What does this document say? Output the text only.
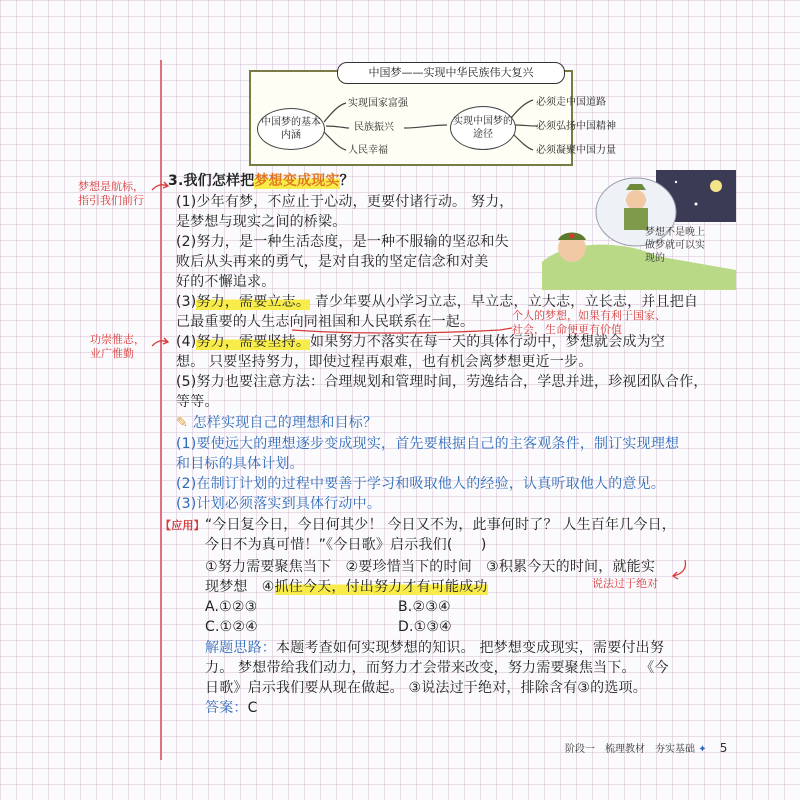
中国梦——实现中华民族伟大复兴
中国梦的基本内涵
实现国家富强
民族振兴
人民幸福
实现中国梦的途径
必须走中国道路
必须弘扬中国精神
必须凝聚中国力量
3.我们怎样把梦想变成现实？
梦想是航标，
指引我们前行
功崇惟志，
业广惟勤
个人的梦想，如果有利于国家、
社会，生命便更有价值
说法过于绝对
梦想不是晚上
做梦就可以实
现的
(1)少年有梦，不应止于心动，更要付诸行动。 努力，
是梦想与现实之间的桥梁。
(2)努力，是一种生活态度，是一种不服输的坚忍和失
败后从头再来的勇气，是对自我的坚定信念和对美
好的不懈追求。
(3)努力，需要立志。 青少年要从小学习立志，早立志，立大志，立长志，并且把自
己最重要的人生志向同祖国和人民联系在一起。
(4)努力，需要坚持。如果努力不落实在每一天的具体行动中，梦想就会成为空
想。 只要坚持努力，即使过程再艰难，也有机会离梦想更近一步。
(5)努力也要注意方法：合理规划和管理时间，劳逸结合，学思并进，珍视团队合作，
等等。
✎ 怎样实现自己的理想和目标？
(1)要使远大的理想逐步变成现实，首先要根据自己的主客观条件，制订实现理想
和目标的具体计划。
(2)在制订计划的过程中要善于学习和吸取他人的经验，认真听取他人的意见。
(3)计划必须落实到具体行动中。
【应用】“今日复今日，今日何其少！ 今日又不为，此事何时了？ 人生百年几今日，
今日不为真可惜！”《今日歌》启示我们(　　)
①努力需要聚焦当下　②要珍惜当下的时间　③积累今天的时间，就能实
现梦想　④抓住今天，付出努力才有可能成功
A.①②③	B.②③④
C.①②④	D.①③④
解题思路：本题考查如何实现梦想的知识。 把梦想变成现实，需要付出努
力。 梦想带给我们动力，而努力才会带来改变，努力需要聚焦当下。 《今
日歌》启示我们要从现在做起。 ③说法过于绝对，排除含有③的选项。
答案：C
阶段一　梳理教材　夯实基础 ✦ 5
